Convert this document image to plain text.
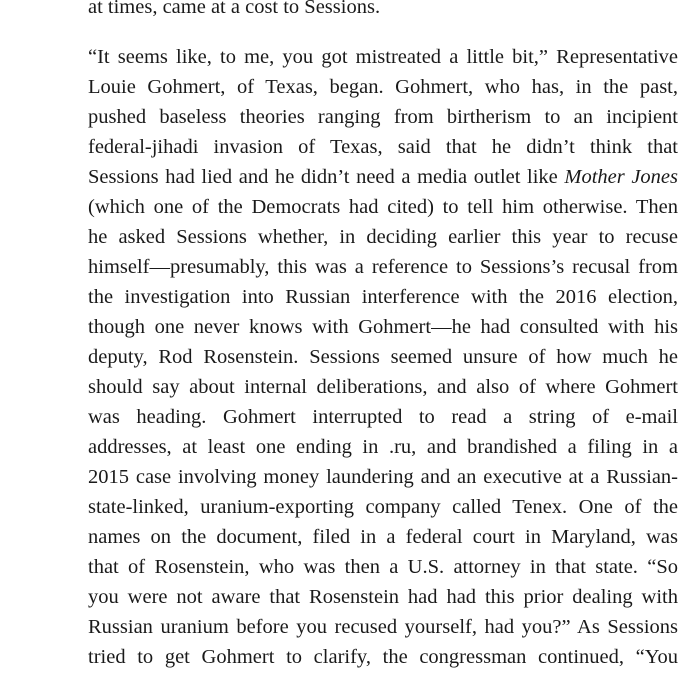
at times, came at a cost to Sessions.
“It seems like, to me, you got mistreated a little bit,” Representative
Louie Gohmert, of Texas, began. Gohmert, who has, in the past,
pushed baseless theories ranging from birtherism to an incipient
federal-jihadi invasion of Texas, said that he didn’t think that
Sessions had lied and he didn’t need a media outlet like Mother Jones
(which one of the Democrats had cited) to tell him otherwise. Then
he asked Sessions whether, in deciding earlier this year to recuse
himself—presumably, this was a reference to Sessions’s recusal from
the investigation into Russian interference with the 2016 election,
though one never knows with Gohmert—he had consulted with his
deputy, Rod Rosenstein. Sessions seemed unsure of how much he
should say about internal deliberations, and also of where Gohmert
was heading. Gohmert interrupted to read a string of e-mail
addresses, at least one ending in .ru, and brandished a filing in a
2015 case involving money laundering and an executive at a Russian-
state-linked, uranium-exporting company called Tenex. One of the
names on the document, filed in a federal court in Maryland, was
that of Rosenstein, who was then a U.S. attorney in that state. “So
you were not aware that Rosenstein had had this prior dealing with
Russian uranium before you recused yourself, had you?” As Sessions
tried to get Gohmert to clarify, the congressman continued, “You
